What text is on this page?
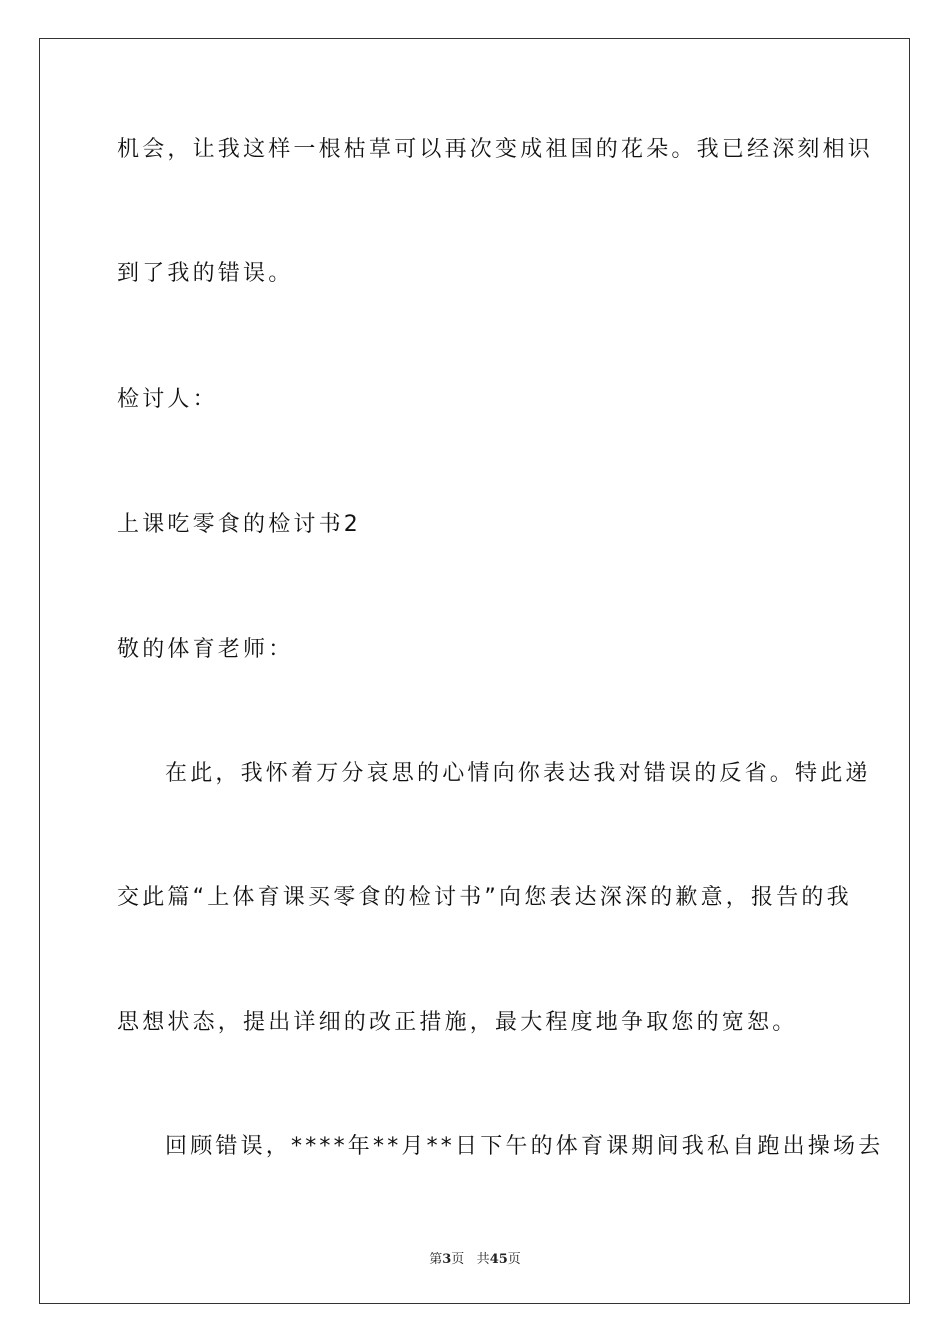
机会，让我这样一根枯草可以再次变成祖国的花朵。我已经深刻相识
到了我的错误。
检讨人：
上课吃零食的检讨书2
敬的体育老师：
在此，我怀着万分哀思的心情向你表达我对错误的反省。特此递
交此篇“上体育课买零食的检讨书”向您表达深深的歉意，报告的我
思想状态，提出详细的改正措施，最大程度地争取您的宽恕。
回顾错误，****年**月**日下午的体育课期间我私自跑出操场去
第3页 共45页
